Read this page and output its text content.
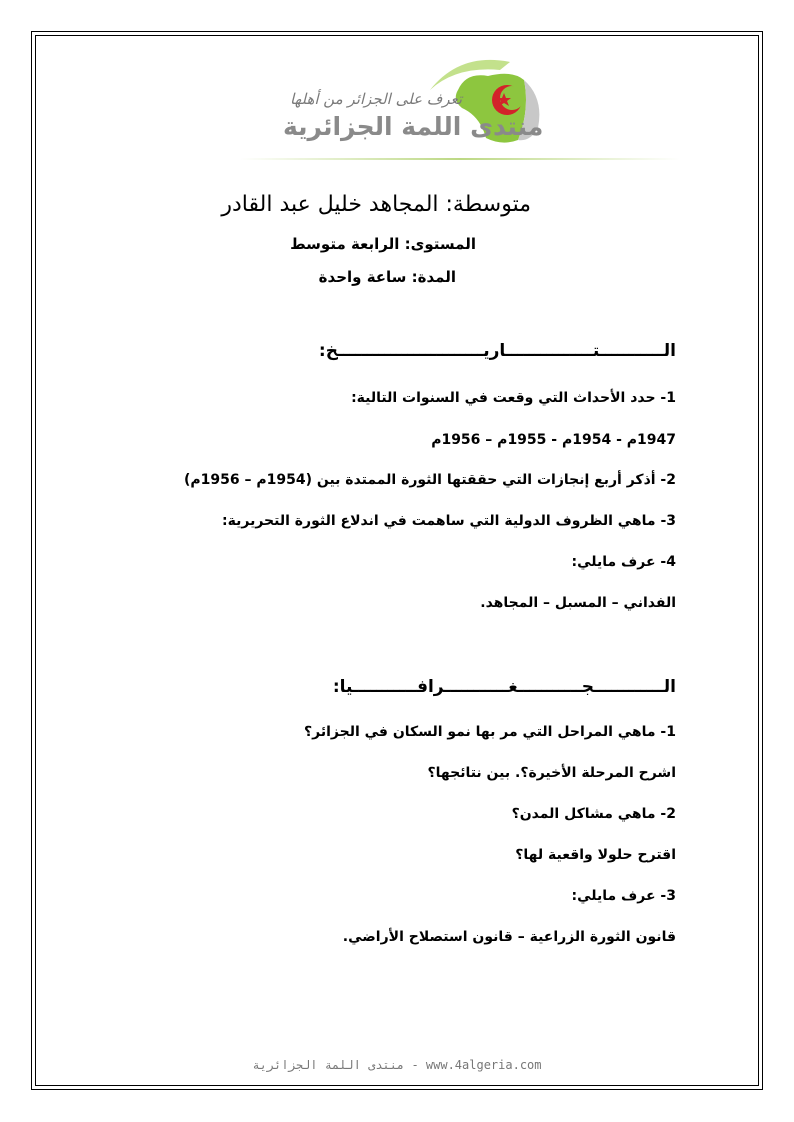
تعرف على الجزائر من أهلها
منتدى اللمة الجزائرية
متوسطة: المجاهد خليل عبد القادر
المستوى: الرابعة متوسط
المدة: ساعة واحدة
الـــــــــــتـــــــــــــــاريـــــــــــــــــــــــــخ:
1- حدد الأحداث التي وقعت في السنوات التالية:
1947م - 1954م - 1955م – 1956م
2- أذكر أربع إنجازات التي حققتها الثورة الممتدة بين (1954م – 1956م)
3- ماهي الظروف الدولية التي ساهمت في اندلاع الثورة التحريرية:
4- عرف مايلي:
الفداني – المسبل – المجاهد.
الــــــــــــجـــــــــــغـــــــــــرافـــــــــــيا:
1- ماهي المراحل التي مر بها نمو السكان في الجزائر؟
اشرح المرحلة الأخيرة؟. بين نتائجها؟
2- ماهي مشاكل المدن؟
اقترح حلولا واقعية لها؟
3- عرف مايلي:
قانون الثورة الزراعية – قانون استصلاح الأراضي.
منتدى اللمة الجزائرية - www.4algeria.com
